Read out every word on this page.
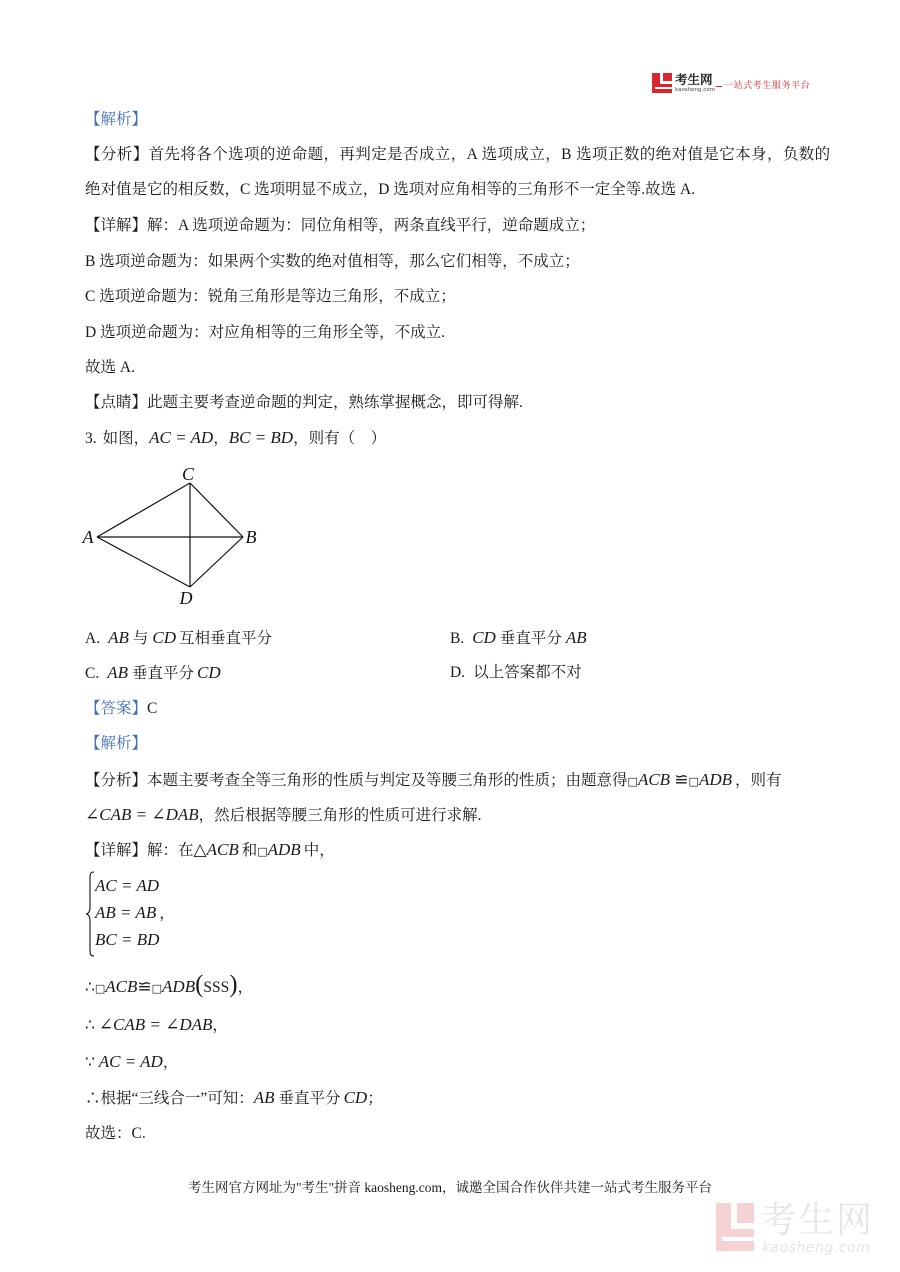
考生网
kaosheng.com 一站式考生服务平台
【解析】
【分析】 首先将各个选项的逆命题，再判定是否成立，A 选项成立，B 选项正数的绝对值是它本身，负数的
绝对值是它的相反数，C 选项明显不成立，D 选项对应角相等的三角形不一定全等.故选 A.
【详解】 解：A 选项逆命题为：同位角相等，两条直线平行，逆命题成立；
B 选项逆命题为：如果两个实数的绝对值相等，那么它们相等，不成立；
C 选项逆命题为：锐角三角形是等边三角形，不成立；
D 选项逆命题为：对应角相等的三角形全等，不成立.
故选 A.
【点睛】 此题主要考查逆命题的判定，熟练掌握概念，即可得解.
3. 如图， AC = AD ， BC = BD ，则有（    ）
C
A	B
D
A. AB 与 CD 互相垂直平分	B. CD 垂直平分 AB
C. AB 垂直平分 CD	D. 以上答案都不对
【答案】 C
【解析】
【分析】 本题主要考查全等三角形的性质与判定及等腰三角形的性质；由题意得 □ ACB ≌ □ ADB ，则有
∠CAB = ∠DAB ，然后根据等腰三角形的性质可进行求解.
【详解】 解：在 △ACB 和 □ ADB 中，
AC = AD
AB = AB ，
BC = BD
∴ □ ACB ≌ □ ADB ( SSS ) ，
∴ ∠CAB = ∠DAB ，
∵ AC = AD ，
∴根据“三线合一”可知： AB 垂直平分 CD ；
故选：C.
考生网官方网址为"考生"拼音 kaosheng.com，诚邀全国合作伙伴共建一站式考生服务平台
考生网
kaosheng.com
